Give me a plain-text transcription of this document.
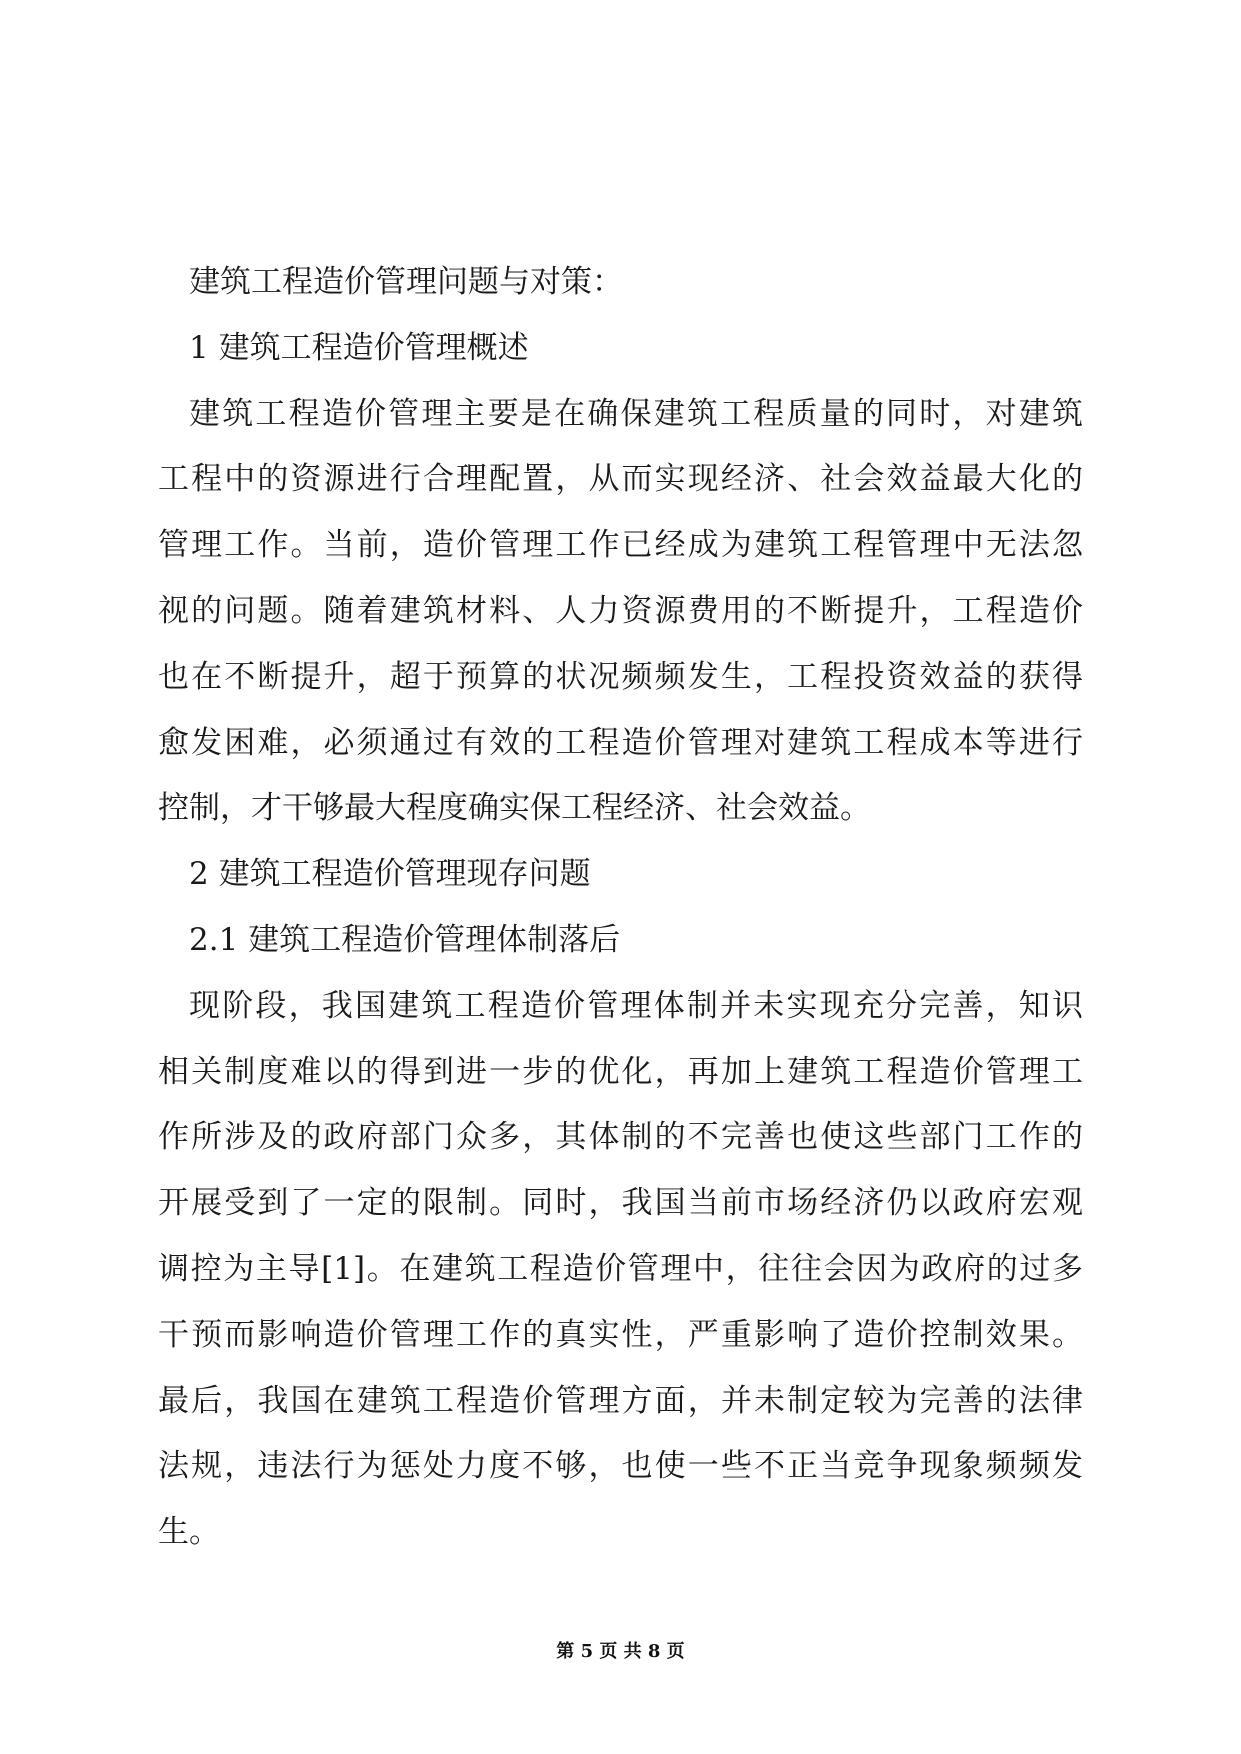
建筑工程造价管理问题与对策：
1 建筑工程造价管理概述
建筑工程造价管理主要是在确保建筑工程质量的同时，对建筑
工程中的资源进行合理配置，从而实现经济、社会效益最大化的
管理工作。当前，造价管理工作已经成为建筑工程管理中无法忽
视的问题。随着建筑材料、人力资源费用的不断提升，工程造价
也在不断提升，超于预算的状况频频发生，工程投资效益的获得
愈发困难，必须通过有效的工程造价管理对建筑工程成本等进行
控制，才干够最大程度确实保工程经济、社会效益。
2 建筑工程造价管理现存问题
2.1 建筑工程造价管理体制落后
现阶段，我国建筑工程造价管理体制并未实现充分完善，知识
相关制度难以的得到进一步的优化，再加上建筑工程造价管理工
作所涉及的政府部门众多，其体制的不完善也使这些部门工作的
开展受到了一定的限制。同时，我国当前市场经济仍以政府宏观
调控为主导[1]。在建筑工程造价管理中，往往会因为政府的过多
干预而影响造价管理工作的真实性，严重影响了造价控制效果。
最后，我国在建筑工程造价管理方面，并未制定较为完善的法律
法规，违法行为惩处力度不够，也使一些不正当竞争现象频频发
生。
第 5 页 共 8 页
